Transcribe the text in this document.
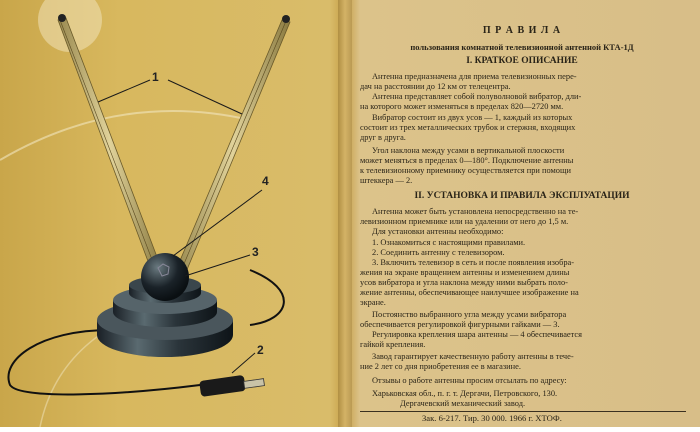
1
2
3
4
П Р А В И Л А
пользования комнатной телевизионной антенной КТА-1Д
I. КРАТКОЕ ОПИСАНИЕ
Антенна предназначена для приема телевизионных пере-
дач на расстоянии до 12 км от телецентра.
Антенна представляет собой полуволновой вибратор, дли-
на которого может изменяться в пределах 820—2720 мм.
Вибратор состоит из двух усов — 1, каждый из которых
состоит из трех металлических трубок и стержня, входящих
друг в друга.
Угол наклона между усами в вертикальной плоскости
может меняться в пределах 0—180°. Подключение антенны
к телевизионному приемнику осуществляется при помощи
штеккера — 2.
II. УСТАНОВКА И ПРАВИЛА ЭКСПЛУАТАЦИИ
Антенна может быть установлена непосредственно на те-
левизионном приемнике или на удалении от него до 1,5 м.
Для установки антенны необходимо:
1. Ознакомиться с настоящими правилами.
2. Соединить антенну с телевизором.
3. Включить телевизор в сеть и после появления изобра-
жения на экране вращением антенны и изменением длины
усов вибратора и угла наклона между ними выбрать поло-
жение антенны, обеспечивающее наилучшее изображение на
экране.
Постоянство выбранного угла между усами вибратора
обеспечивается регулировкой фигурными гайками — 3.
Регулировка крепления шара антенны — 4 обеспечивается
гайкой крепления.
Завод гарантирует качественную работу антенны в тече-
ние 2 лет со дня приобретения ее в магазине.
Отзывы о работе антенны просим отсылать по адресу:
Харьковская обл., п. г. т. Дергачи, Петровского, 130.
Дергачевский механический завод.
Зак. 6-217. Тир. 30 000. 1966 г. ХТОФ.
